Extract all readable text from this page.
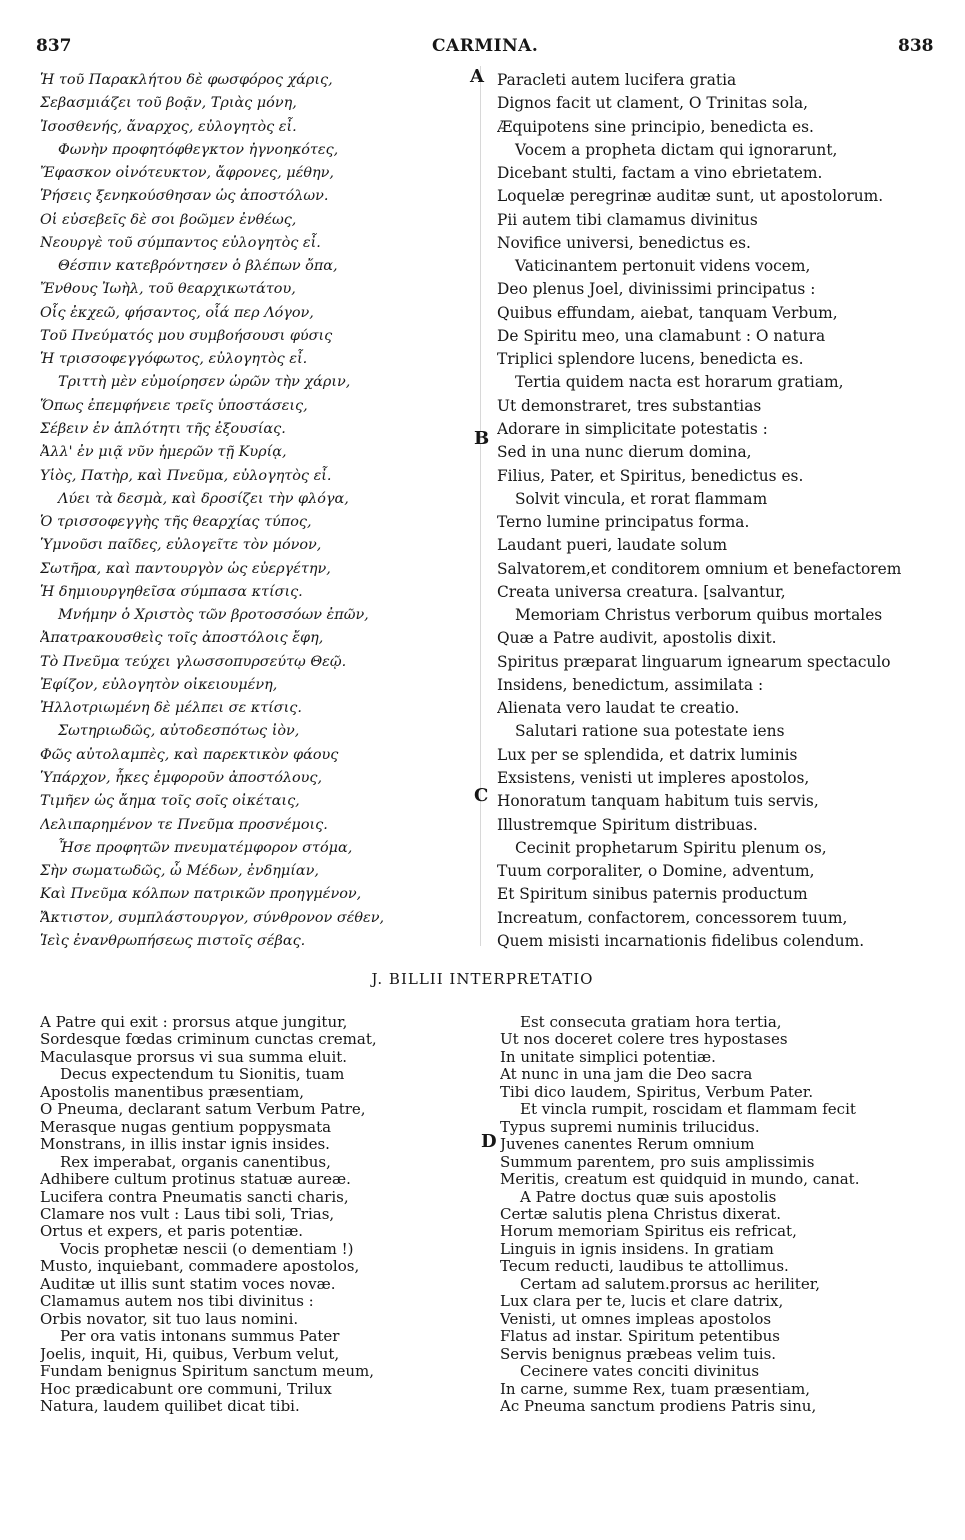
837	CARMINA.	838
Ἡ τοῦ Παρακλήτου δὲ φωσφόρος χάρις,
Σεβασμιάζει τοῦ βοᾷν, Τριὰς μόνη,
Ἰσοσθενής, ἄναρχος, εὐλογητὸς εἶ.
Φωνὴν προφητόφθεγκτον ἠγνοηκότες,
Ἔφασκον οἰνότευκτον, ἄφρονες, μέθην,
Ῥήσεις ξενηκούσθησαν ὡς ἀποστόλων.
Οἱ εὐσεβεῖς δὲ σοι βοῶμεν ἐνθέως,
Νεουργὲ τοῦ σύμπαντος εὐλογητὸς εἶ.
Θέσπιν κατεβρόντησεν ὁ βλέπων ὄπα,
Ἔνθους Ἰωὴλ, τοῦ θεαρχικωτάτου,
Οἷς ἐκχεῶ, φήσαντος, οἷά περ Λόγον,
Τοῦ Πνεύματός μου συμβοήσουσι φύσις
Ἡ τρισσοφεγγόφωτος, εὐλογητὸς εἶ.
Τριττὴ μὲν εὐμοίρησεν ὡρῶν τὴν χάριν,
Ὅπως ἐπεμφήνειε τρεῖς ὑποστάσεις,
Σέβειν ἐν ἁπλότητι τῆς ἐξουσίας.
Ἀλλ' ἐν μιᾷ νῦν ἡμερῶν τῇ Κυρίᾳ,
Υἱὸς, Πατὴρ, καὶ Πνεῦμα, εὐλογητὸς εἶ.
Λύει τὰ δεσμὰ, καὶ δροσίζει τὴν φλόγα,
Ὁ τρισσοφεγγὴς τῆς θεαρχίας τύπος,
Ὑμνοῦσι παῖδες, εὐλογεῖτε τὸν μόνον,
Σωτῆρα, καὶ παντουργὸν ὡς εὐεργέτην,
Ἡ δημιουργηθεῖσα σύμπασα κτίσις.
Μνήμην ὁ Χριστὸς τῶν βροτοσσόων ἐπῶν,
Ἀπατρακουσθεὶς τοῖς ἀποστόλοις ἔφη,
Τὸ Πνεῦμα τεύχει γλωσσοπυρσεύτῳ Θεῷ.
Ἐφίζον, εὐλογητὸν οἰκειουμένη,
Ἠλλοτριωμένη δὲ μέλπει σε κτίσις.
Σωτηριωδῶς, αὐτοδεσπότως ἰὸν,
Φῶς αὐτολαμπὲς, καὶ παρεκτικὸν φάους
Ὑπάρχον, ἧκες ἐμφοροῦν ἀποστόλους,
Τιμῆεν ὡς ἄημα τοῖς σοῖς οἰκέταις,
Λελιπαρημένον τε Πνεῦμα προσνέμοις.
Ἦσε προφητῶν πνευματέμφορον στόμα,
Σὴν σωματωδῶς, ὦ Μέδων, ἐνδημίαν,
Καὶ Πνεῦμα κόλπων πατρικῶν προηγμένον,
Ἄκτιστον, συμπλάστουργον, σύνθρονον σέθεν,
Ἱεὶς ἐνανθρωπήσεως πιστοῖς σέβας.
Paracleti autem lucifera gratia
Dignos facit ut clament, O Trinitas sola,
Æquipotens sine principio, benedicta es.
Vocem a propheta dictam qui ignorarunt,
Dicebant stulti, factam a vino ebrietatem.
Loquelæ peregrinæ auditæ sunt, ut apostolorum.
Pii autem tibi clamamus divinitus
Novifice universi, benedictus es.
Vaticinantem pertonuit videns vocem,
Deo plenus Joel, divinissimi principatus :
Quibus effundam, aiebat, tanquam Verbum,
De Spiritu meo, una clamabunt : O natura
Triplici splendore lucens, benedicta es.
Tertia quidem nacta est horarum gratiam,
Ut demonstraret, tres substantias
Adorare in simplicitate potestatis :
Sed in una nunc dierum domina,
Filius, Pater, et Spiritus, benedictus es.
Solvit vincula, et rorat flammam
Terno lumine principatus forma.
Laudant pueri, laudate solum
Salvatorem,et conditorem omnium et benefactorem
Creata universa creatura. [salvantur,
Memoriam Christus verborum quibus mortales
Quæ a Patre audivit, apostolis dixit.
Spiritus præparat linguarum ignearum spectaculo
Insidens, benedictum, assimilata :
Alienata vero laudat te creatio.
Salutari ratione sua potestate iens
Lux per se splendida, et datrix luminis
Exsistens, venisti ut impleres apostolos,
Honoratum tanquam habitum tuis servis,
Illustremque Spiritum distribuas.
Cecinit prophetarum Spiritu plenum os,
Tuum corporaliter, o Domine, adventum,
Et Spiritum sinibus paternis productum
Increatum, confactorem, concessorem tuum,
Quem misisti incarnationis fidelibus colendum.
A
B
C
J. BILLII INTERPRETATIO
A Patre qui exit : prorsus atque jungitur,
Sordesque fœdas criminum cunctas cremat,
Maculasque prorsus vi sua summa eluit.
Decus expectendum tu Sionitis, tuam
Apostolis manentibus præsentiam,
O Pneuma, declarant satum Verbum Patre,
Merasque nugas gentium poppysmata
Monstrans, in illis instar ignis insides.
Rex imperabat, organis canentibus,
Adhibere cultum protinus statuæ aureæ.
Lucifera contra Pneumatis sancti charis,
Clamare nos vult : Laus tibi soli, Trias,
Ortus et expers, et paris potentiæ.
Vocis prophetæ nescii (o dementiam !)
Musto, inquiebant, commadere apostolos,
Auditæ ut illis sunt statim voces novæ.
Clamamus autem nos tibi divinitus :
Orbis novator, sit tuo laus nomini.
Per ora vatis intonans summus Pater
Joelis, inquit, Hi, quibus, Verbum velut,
Fundam benignus Spiritum sanctum meum,
Hoc prædicabunt ore communi, Trilux
Natura, laudem quilibet dicat tibi.
Est consecuta gratiam hora tertia,
Ut nos doceret colere tres hypostases
In unitate simplici potentiæ.
At nunc in una jam die Deo sacra
Tibi dico laudem, Spiritus, Verbum Pater.
Et vincla rumpit, roscidam et flammam fecit
Typus supremi numinis trilucidus.
Juvenes canentes Rerum omnium
Summum parentem, pro suis amplissimis
Meritis, creatum est quidquid in mundo, canat.
A Patre doctus quæ suis apostolis
Certæ salutis plena Christus dixerat.
Horum memoriam Spiritus eis refricat,
Linguis in ignis insidens. In gratiam
Tecum reducti, laudibus te attollimus.
Certam ad salutem.prorsus ac heriliter,
Lux clara per te, lucis et clare datrix,
Venisti, ut omnes impleas apostolos
Flatus ad instar. Spiritum petentibus
Servis benignus præbeas velim tuis.
Cecinere vates conciti divinitus
In carne, summe Rex, tuam præsentiam,
Ac Pneuma sanctum prodiens Patris sinu,
D
